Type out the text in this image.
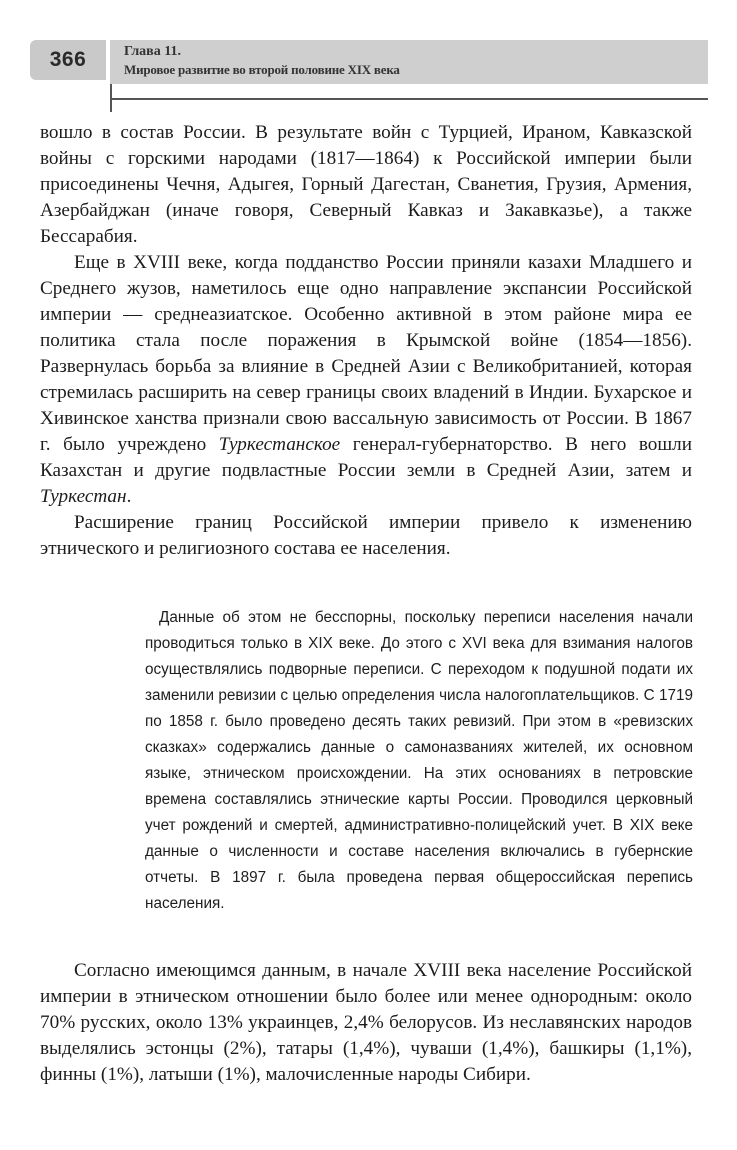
366	Глава 11.
Мировое развитие во второй половине XIX века

вошло в состав России. В результате войн с Турцией, Ираном, Кавказской войны с горскими народами (1817—1864) к Российской империи были присоединены Чечня, Адыгея, Горный Дагестан, Сванетия, Грузия, Армения, Азербайджан (иначе говоря, Северный Кавказ и Закавказье), а также Бессарабия.

Еще в XVIII веке, когда подданство России приняли казахи Младшего и Среднего жузов, наметилось еще одно направление экспансии Российской империи — среднеазиатское. Особенно активной в этом районе мира ее политика стала после поражения в Крымской войне (1854—1856). Развернулась борьба за влияние в Средней Азии с Великобританией, которая стремилась расширить на север границы своих владений в Индии. Бухарское и Хивинское ханства признали свою вассальную зависимость от России. В 1867 г. было учреждено Туркестанское генерал-губернаторство. В него вошли Казахстан и другие подвластные России земли в Средней Азии, затем и Туркестан.

Расширение границ Российской империи привело к изменению этнического и религиозного состава ее населения.

Данные об этом не бесспорны, поскольку переписи населения начали проводиться только в XIX веке. До этого с XVI века для взимания налогов осуществлялись подворные переписи. С переходом к подушной подати их заменили ревизии с целью определения числа налогоплательщиков. С 1719 по 1858 г. было проведено десять таких ревизий. При этом в «ревизских сказках» содержались данные о самоназваниях жителей, их основном языке, этническом происхождении. На этих основаниях в петровские времена составлялись этнические карты России. Проводился церковный учет рождений и смертей, административно-полицейский учет. В XIX веке данные о численности и составе населения включались в губернские отчеты. В 1897 г. была проведена первая общероссийская перепись населения.
Согласно имеющимся данным, в начале XVIII века население Российской империи в этническом отношении было более или менее однородным: около 70% русских, около 13% украинцев, 2,4% белорусов. Из неславянских народов выделялись эстонцы (2%), татары (1,4%), чуваши (1,4%), башкиры (1,1%), финны (1%), латыши (1%), малочисленные народы Сибири.
